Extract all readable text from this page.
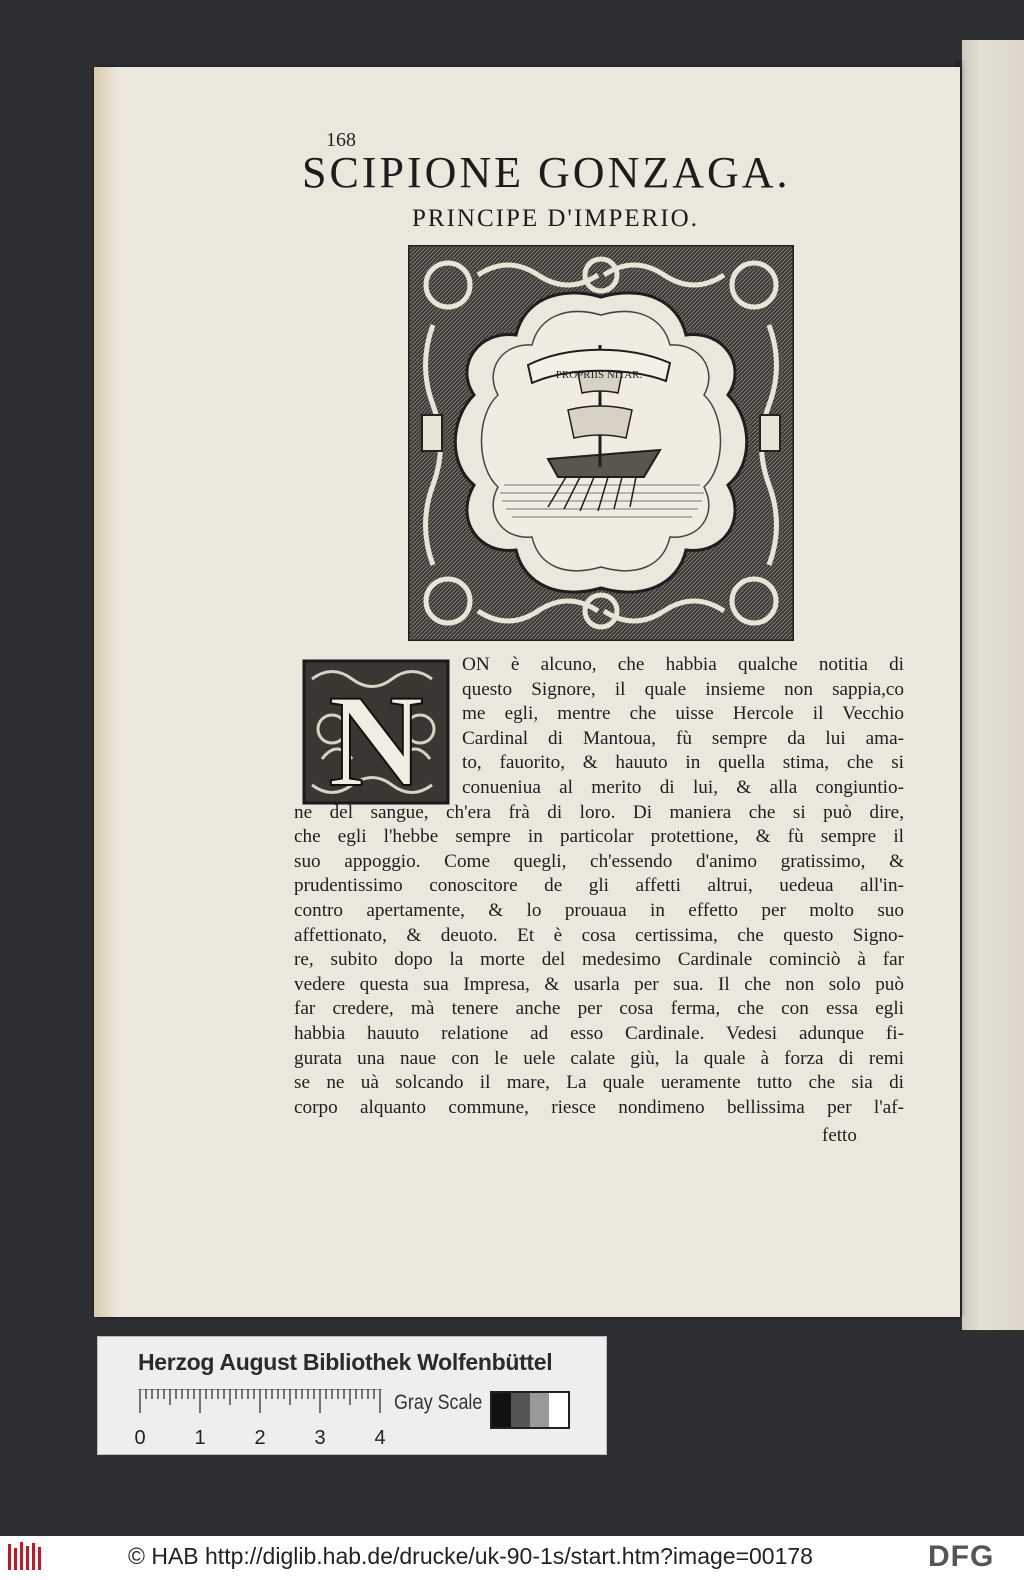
168
SCIPIONE GONZAGA.
PRINCIPE D'IMPERIO.
PROPRIIS NITAR.
N
ON è alcuno, che habbia qualche notitia di
questo Signore, il quale insieme non sappia,co
me egli, mentre che uisse Hercole il Vecchio
Cardinal di Mantoua, fù sempre da lui ama-
to, fauorito, & hauuto in quella stima, che si
conueniua al merito di lui, & alla congiuntio-
ne del sangue, ch'era frà di loro. Di maniera che si può dire,
che egli l'hebbe sempre in particolar protettione, & fù sempre il
suo appoggio. Come quegli, ch'essendo d'animo gratissimo, &
prudentissimo conoscitore de gli affetti altrui, uedeua all'in-
contro apertamente, & lo prouaua in effetto per molto suo
affettionato, & deuoto. Et è cosa certissima, che questo Signo-
re, subito dopo la morte del medesimo Cardinale cominciò à far
vedere questa sua Impresa, & usarla per sua. Il che non solo può
far credere, mà tenere anche per cosa ferma, che con essa egli
habbia hauuto relatione ad esso Cardinale. Vedesi adunque fi-
gurata una naue con le uele calate giù, la quale à forza di remi
se ne uà solcando il mare, La quale ueramente tutto che sia di
corpo alquanto commune, riesce nondimeno bellissima per l'af-
fetto
Herzog August Bibliothek Wolfenbüttel
0 1 2 3 4
Gray Scale
© HAB http://diglib.hab.de/drucke/uk-90-1s/start.htm?image=00178	DFG
